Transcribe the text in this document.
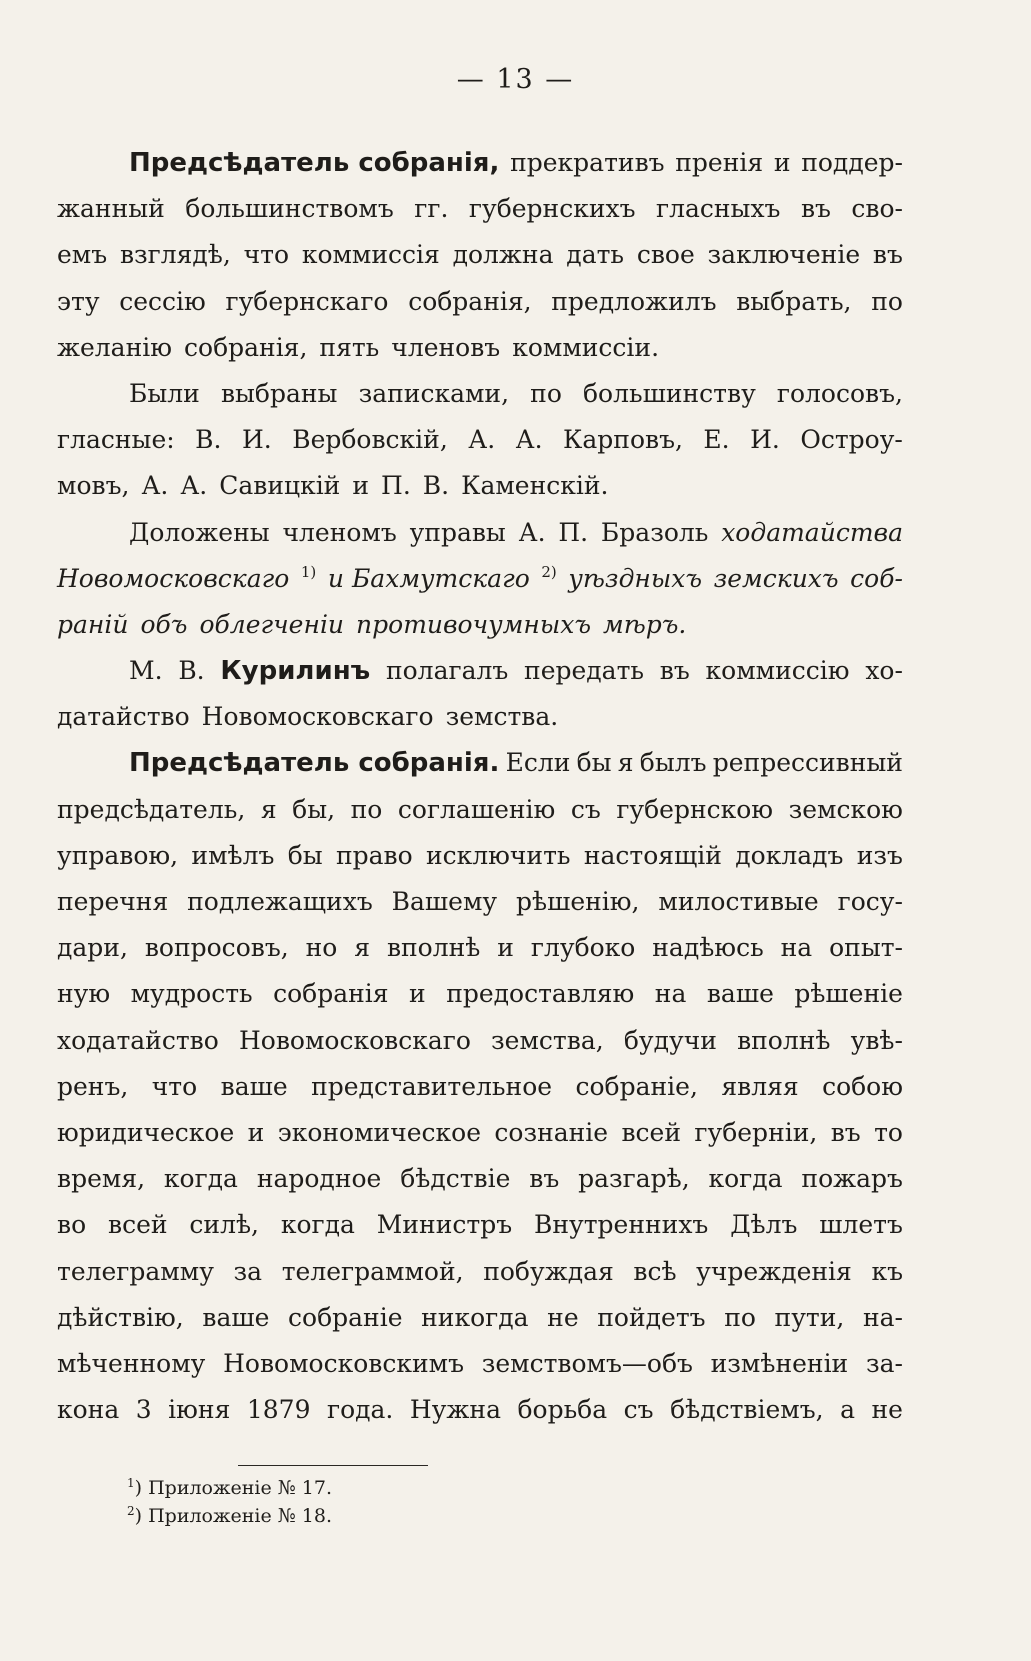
— 13 —
Предсѣдатель собранія, прекративъ пренія и поддер-
жанный большинствомъ гг. губернскихъ гласныхъ въ сво-
емъ взглядѣ, что коммиссія должна дать свое заключеніе въ
эту сессію губернскаго собранія, предложилъ выбрать, по
желанію собранія, пять членовъ коммиссіи.
Были выбраны записками, по большинству голосовъ,
гласные: В. И. Вербовскій, А. А. Карповъ, Е. И. Остроу-
мовъ, А. А. Савицкій и П. В. Каменскій.
Доложены членомъ управы А. П. Бразоль ходатайства
Новомосковскаго $^{1)}$ и Бахмутскаго $^{2)}$ уѣздныхъ земскихъ соб-
раній объ облегченіи противочумныхъ мѣръ.
М. В. Курилинъ полагалъ передать въ коммиссію хо-
датайство Новомосковскаго земства.
Предсѣдатель собранія. Если бы я былъ репрессивный
предсѣдатель, я бы, по соглашенію съ губернскою земскою
управою, имѣлъ бы право исключить настоящій докладъ изъ
перечня подлежащихъ Вашему рѣшенію, милостивые госу-
дари, вопросовъ, но я вполнѣ и глубоко надѣюсь на опыт-
ную мудрость собранія и предоставляю на ваше рѣшеніе
ходатайство Новомосковскаго земства, будучи вполнѣ увѣ-
ренъ, что ваше представительное собраніе, являя собою
юридическое и экономическое сознаніе всей губерніи, въ то
время, когда народное бѣдствіе въ разгарѣ, когда пожаръ
во всей силѣ, когда Министръ Внутреннихъ Дѣлъ шлетъ
телеграмму за телеграммой, побуждая всѣ учрежденія къ
дѣйствію, ваше собраніе никогда не пойдетъ по пути, на-
мѣченному Новомосковскимъ земствомъ—объ измѣненіи за-
кона 3 іюня 1879 года. Нужна борьба съ бѣдствіемъ, а не
$^1$) Приложеніе № 17.
$^2$) Приложеніе № 18.
